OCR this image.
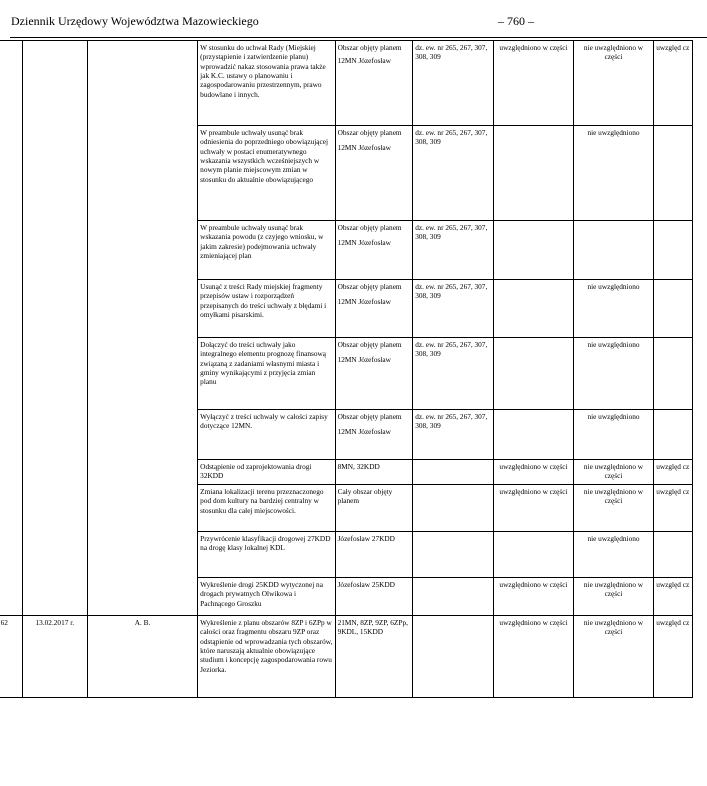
Dziennik Urzędowy Województwa Mazowieckiego	– 760 –
			W stosunku do uchwał Rady (Miejskiej (przystąpienie i zatwierdzenie planu) wprowadzić nakaz stosowania prawa także jak K.C. ustawy o planowaniu i zagospodarowaniu przestrzennym, prawo budowlane i innych.	Obszar objęty planem
12MN Józefosław	dz. ew. nr 265, 267, 307, 308, 309	uwzględniono w części	nie uwzględniono w części	uwzględ cz
			W preambule uchwały usunąć brak odniesienia do poprzedniego obowiązującej uchwały w postaci enumeratywnego wskazania wszystkich wcześniejszych w nowym planie miejscowym zmian w stosunku do aktualnie obowiązującego	Obszar objęty planem
12MN Józefosław	dz. ew. nr 265, 267, 307, 308, 309		nie uwzględniono	
			W preambule uchwały usunąć brak wskazania powodu (z czyjego wniosku, w jakim zakresie) podejmowania uchwały zmieniającej plan	Obszar objęty planem
12MN Józefosław	dz. ew. nr 265, 267, 307, 308, 309			
			Usunąć z treści Rady miejskiej fragmenty przepisów ustaw i rozporządzeń przepisanych do treści uchwały z błędami i omyłkami pisarskimi.	Obszar objęty planem
12MN Józefosław	dz. ew. nr 265, 267, 307, 308, 309		nie uwzględniono	
			Dołączyć do treści uchwały jako integralnego elementu prognozę finansową związaną z zadaniami własnymi miasta i gminy wynikającymi z przyjęcia zmian planu	Obszar objęty planem
12MN Józefosław	dz. ew. nr 265, 267, 307, 308, 309		nie uwzględniono	
			Wyłączyć z treści uchwały w całości zapisy dotyczące 12MN.	Obszar objęty planem
12MN Józefosław	dz. ew. nr 265, 267, 307, 308, 309		nie uwzględniono	
			Odstąpienie od zaprojektowania drogi 32KDD	8MN, 32KDD		uwzględniono w części	nie uwzględniono w części	uwzględ cz
			Zmiana lokalizacji terenu przeznaczonego pod dom kultury na bardziej centralny w stosunku dla całej miejscowości.	Cały obszar objęty planem		uwzględniono w części	nie uwzględniono w części	uwzględ cz
			Przywrócenie klasyfikacji drogowej 27KDD na drogę klasy lokalnej KDL	Józefosław 27KDD			nie uwzględniono	
			Wykreślenie drogi 25KDD wytyczonej na drogach prywatnych Olwikowa i Pachnącego Groszku	Józefosław 25KDD		uwzględniono w części	nie uwzględniono w części	uwzględ cz
62	13.02.2017 r.	A. B.	Wykreślenie z planu obszarów 8ZP i 6ZPp w całości oraz fragmentu obszaru 9ZP oraz odstąpienie od wprowadzania tych obszarów, które naruszają aktualnie obowiązujące studium i koncepcję zagospodarowania rowu Jeziorka.	21MN, 8ZP, 9ZP, 6ZPp, 9KDL, 15KDD		uwzględniono w części	nie uwzględniono w części	uwzględ cz
